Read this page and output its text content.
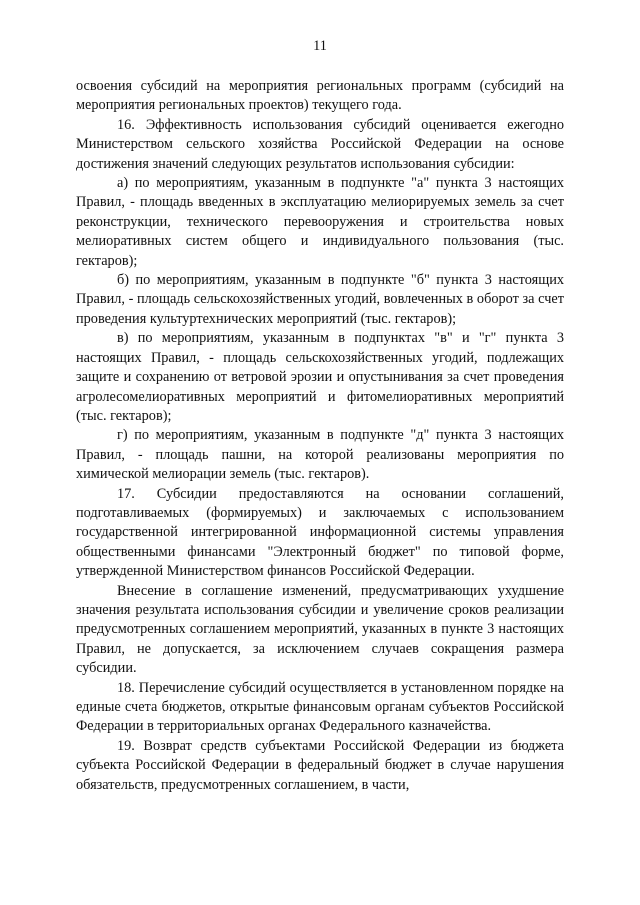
11

освоения субсидий на мероприятия региональных программ (субсидий на мероприятия региональных проектов) текущего года.

16. Эффективность использования субсидий оценивается ежегодно Министерством сельского хозяйства Российской Федерации на основе достижения значений следующих результатов использования субсидии:

а) по мероприятиям, указанным в подпункте "а" пункта 3 настоящих Правил, - площадь введенных в эксплуатацию мелиорируемых земель за счет реконструкции, технического перевооружения и строительства новых мелиоративных систем общего и индивидуального пользования (тыс. гектаров);

б) по мероприятиям, указанным в подпункте "б" пункта 3 настоящих Правил, - площадь сельскохозяйственных угодий, вовлеченных в оборот за счет проведения культуртехнических мероприятий (тыс. гектаров);

в) по мероприятиям, указанным в подпунктах "в" и "г" пункта 3 настоящих Правил, - площадь сельскохозяйственных угодий, подлежащих защите и сохранению от ветровой эрозии и опустынивания за счет проведения агролесомелиоративных мероприятий и фитомелиоративных мероприятий (тыс. гектаров);

г) по мероприятиям, указанным в подпункте "д" пункта 3 настоящих Правил, - площадь пашни, на которой реализованы мероприятия по химической мелиорации земель (тыс. гектаров).

17. Субсидии предоставляются на основании соглашений, подготавливаемых (формируемых) и заключаемых с использованием государственной интегрированной информационной системы управления общественными финансами "Электронный бюджет" по типовой форме, утвержденной Министерством финансов Российской Федерации.

Внесение в соглашение изменений, предусматривающих ухудшение значения результата использования субсидии и увеличение сроков реализации предусмотренных соглашением мероприятий, указанных в пункте 3 настоящих Правил, не допускается, за исключением случаев сокращения размера субсидии.

18. Перечисление субсидий осуществляется в установленном порядке на единые счета бюджетов, открытые финансовым органам субъектов Российской Федерации в территориальных органах Федерального казначейства.

19. Возврат средств субъектами Российской Федерации из бюджета субъекта Российской Федерации в федеральный бюджет в случае нарушения обязательств, предусмотренных соглашением, в части,
